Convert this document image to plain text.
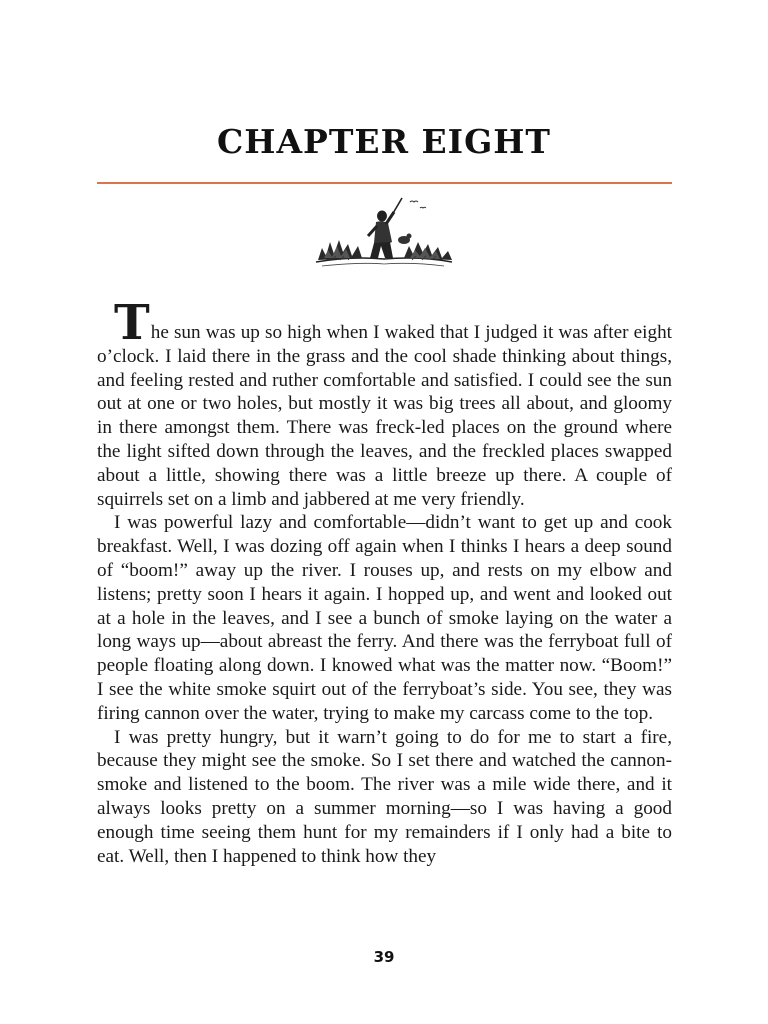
CHAPTER EIGHT

The sun was up so high when I waked that I judged it was after eight o’clock. I laid there in the grass and the cool shade thinking about things, and feeling rested and ruther comfortable and satisfied. I could see the sun out at one or two holes, but mostly it was big trees all about, and gloomy in there amongst them. There was freck-led places on the ground where the light sifted down through the leaves, and the freckled places swapped about a little, showing there was a little breeze up there. A couple of squirrels set on a limb and jabbered at me very friendly.

I was powerful lazy and comfortable—didn’t want to get up and cook breakfast. Well, I was dozing off again when I thinks I hears a deep sound of “boom!” away up the river. I rouses up, and rests on my elbow and listens; pretty soon I hears it again. I hopped up, and went and looked out at a hole in the leaves, and I see a bunch of smoke laying on the water a long ways up—about abreast the ferry. And there was the ferryboat full of people floating along down. I knowed what was the matter now. “Boom!” I see the white smoke squirt out of the ferryboat’s side. You see, they was firing cannon over the water, trying to make my carcass come to the top.

I was pretty hungry, but it warn’t going to do for me to start a fire, because they might see the smoke. So I set there and watched the cannon-smoke and listened to the boom. The river was a mile wide there, and it always looks pretty on a summer morning—so I was having a good enough time seeing them hunt for my remainders if I only had a bite to eat. Well, then I happened to think how they

39
